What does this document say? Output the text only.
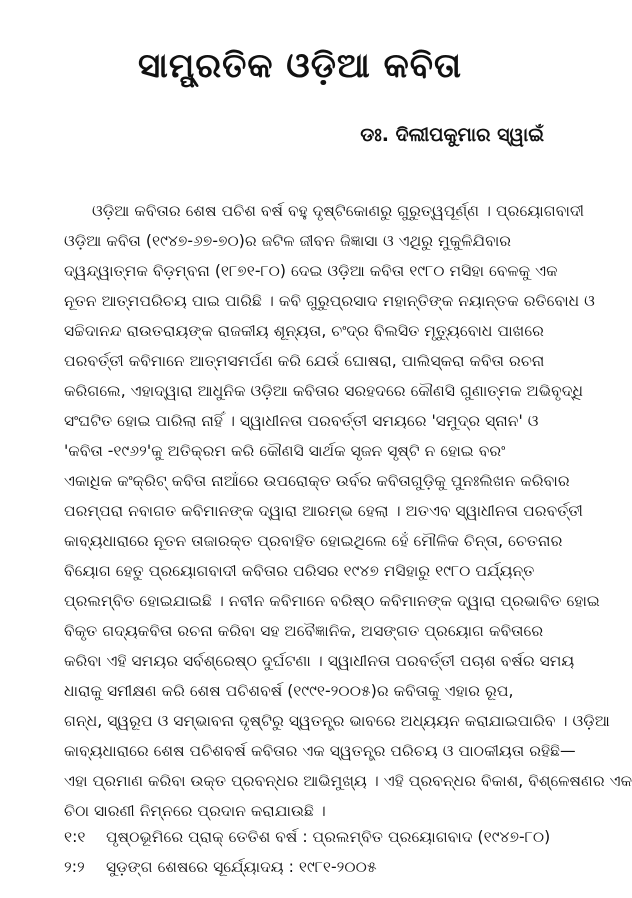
ସାମ୍ପ୍ରତିକ ଓଡ଼ିଆ କବିତା
ଡଃ. ଦିଲୀପକୁମାର ସ୍ୱାଇଁ
ଓଡ଼ିଆ କବିତାର ଶେଷ ପଚିଶ ବର୍ଷ ବହୁ ଦୃଷ୍ଟିକୋଣରୁ ଗୁରୁତ୍ୱପୂର୍ଣ୍ଣ । ପ୍ରୟୋଗବାଦୀ
ଓଡ଼ିଆ କବିତା (୧୯୪୭-୬୭-୭୦)ର ଜଟିଳ ଜୀବନ ଜିଜ୍ଞାସା ଓ ଏଥିରୁ ମୁକୁଳିଯିବାର
ଦ୍ୱନ୍ଦ୍ୱାତ୍ମକ ବିଡ଼ମ୍ବନା (୧୮୭୧-୮୦) ଦେଇ ଓଡ଼ିଆ କବିତା ୧୯୮୦ ମସିହା ବେଳକୁ ଏକ
ନୂତନ ଆତ୍ମପରିଚୟ ପାଇ ପାରିଛି । କବି ଗୁରୁପ୍ରସାଦ ମହାନ୍ତିଙ୍କ ନୟାନ୍ତକ ରତିବୋଧ ଓ
ସଚ୍ଚିଦାନନ୍ଦ ରାଉତରାୟଙ୍କ ରାଜକୀୟ ଶୂନ୍ୟତା, ଚଂଦ୍ର ବିଲସିତ ମୃତ୍ୟୁବୋଧ ପାଖରେ
ପରବର୍ତ୍ତୀ କବିମାନେ ଆତ୍ମସମର୍ପଣ କରି ଯେଉଁ ଘୋଷରା, ପାଲିସ୍କରା କବିତା ରଚନା
କରିଗଲେ, ଏହାଦ୍ୱାରା ଆଧୁନିକ ଓଡ଼ିଆ କବିତାର ସରହଦରେ କୌଣସି ଗୁଣାତ୍ମକ ଅଭିବୃଦ୍ଧି
ସଂଘଟିତ ହୋଇ ପାରିଲା ନାହିଁ । ସ୍ୱାଧୀନତା ପରବର୍ତ୍ତୀ ସମୟରେ 'ସମୁଦ୍ର ସ୍ନାନ' ଓ
'କବିତା -୧୯୬୨'କୁ ଅତିକ୍ରମ କରି କୌଣସି ସାର୍ଥକ ସୃଜନ ସୃଷ୍ଟି ନ ହୋଇ ବରଂ
ଏକାଧିକ କଂକ୍ରିଟ୍ କବିତା ନାଆଁରେ ଉପରୋକ୍ତ ଉର୍ବର କବିତାଗୁଡ଼ିକୁ ପୁନଃଲିଖନ କରିବାର
ପରମ୍ପରା ନବାଗତ କବିମାନଙ୍କ ଦ୍ୱାରା ଆରମ୍ଭ ହେଲା । ଅତଏବ ସ୍ୱାଧୀନତା ପରବର୍ତ୍ତୀ
କାବ୍ୟଧାରାରେ ନୂତନ ତାଜାରକ୍ତ ପ୍ରବାହିତ ହୋଇଥିଲେ ହେଁ ମୌଳିକ ଚିନ୍ତା, ଚେତନାର
ବିୟୋଗ ହେତୁ ପ୍ରୟୋଗବାଦୀ କବିତାର ପରିସର ୧୯୪୭ ମସିହାରୁ ୧୯୮୦ ପର୍ଯ୍ୟନ୍ତ
ପ୍ରଲମ୍ବିତ ହୋଇଯାଇଛି । ନବୀନ କବିମାନେ ବରିଷ୍ଠ କବିମାନଙ୍କ ଦ୍ୱାରା ପ୍ରଭାବିତ ହୋଇ
ବିକୃତ ଗଦ୍ୟକବିତା ରଚନା କରିବା ସହ ଅବୈଜ୍ଞାନିକ, ଅସଙ୍ଗତ ପ୍ରୟୋଗ କବିତାରେ
କରିବା ଏହି ସମୟର ସର୍ବଶ୍ରେଷ୍ଠ ଦୁର୍ଘଟଣା । ସ୍ୱାଧୀନତା ପରବର୍ତ୍ତୀ ପଚାଶ ବର୍ଷର ସମୟ
ଧାରାକୁ ସମୀକ୍ଷଣ କରି ଶେଷ ପଚିଶବର୍ଷ (୧୯୯୧-୨୦୦୫)ର କବିତାକୁ ଏହାର ରୂପ,
ଗନ୍ଧ, ସ୍ୱରୂପ ଓ ସମ୍ଭାବନା ଦୃଷ୍ଟିରୁ ସ୍ୱତନ୍ତ୍ର ଭାବରେ ଅଧ୍ୟୟନ କରାଯାଇପାରିବ । ଓଡ଼ିଆ
କାବ୍ୟଧାରାରେ ଶେଷ ପଚିଶବର୍ଷ କବିତାର ଏକ ସ୍ୱତନ୍ତ୍ର ପରିଚୟ ଓ ପାଠକୀୟତା ରହିଛି—
ଏହା ପ୍ରମାଣ କରିବା ଉକ୍ତ ପ୍ରବନ୍ଧର ଆଭିମୁଖ୍ୟ । ଏହି ପ୍ରବନ୍ଧର ବିକାଶ, ବିଶ୍ଳେଷଣର ଏକ
ଚିଠା ସାରଣୀ ନିମ୍ନରେ ପ୍ରଦାନ କରାଯାଉଛି ।
୧:୧	ପୃଷ୍ଠଭୂମିରେ ପ୍ରାକ୍ ତେତିଶ ବର୍ଷ : ପ୍ରଲମ୍ବିତ ପ୍ରୟୋଗବାଦ (୧୯୪୭-୮୦)
୨:୨	ସୁଡ଼ଙ୍ଗ ଶେଷରେ ସୂର୍ଯ୍ୟୋଦୟ : ୧୯୮୧-୨୦୦୫
